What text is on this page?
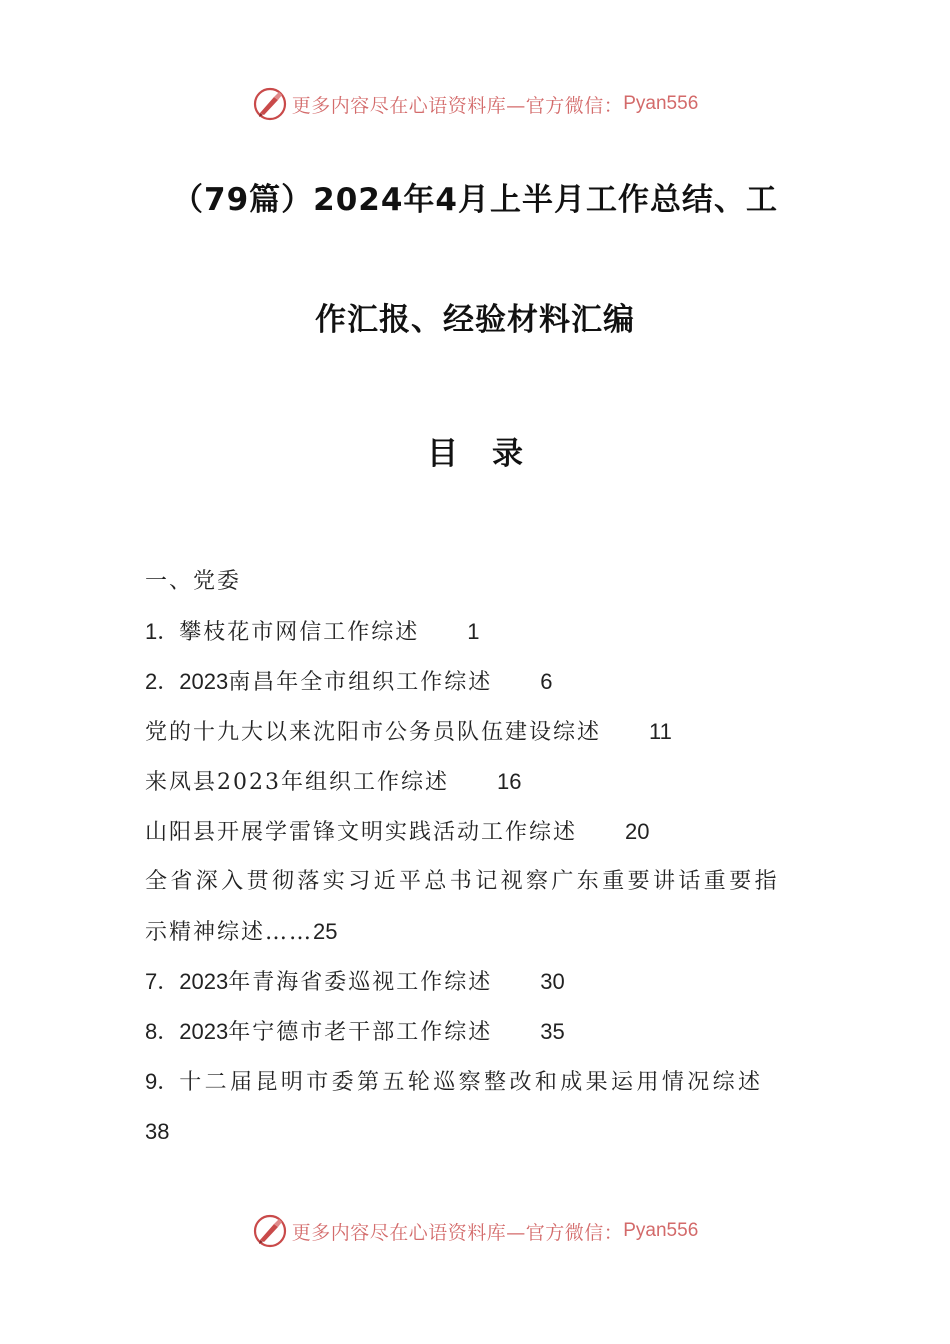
更多内容尽在心语资料库—官方微信： Pyan556
（79篇）2024年4月上半月工作总结、工
作汇报、经验材料汇编
目录
一、党委
1．攀枝花市网信工作综述 1
2．2023南昌年全市组织工作综述 6
党的十九大以来沈阳市公务员队伍建设综述 11
来凤县2023年组织工作综述 16
山阳县开展学雷锋文明实践活动工作综述 20
全省深入贯彻落实习近平总书记视察广东重要讲话重要指
示精神综述……25
7．2023年青海省委巡视工作综述 30
8．2023年宁德市老干部工作综述 35
9．十二届昆明市委第五轮巡察整改和成果运用情况综述
38
更多内容尽在心语资料库—官方微信： Pyan556
